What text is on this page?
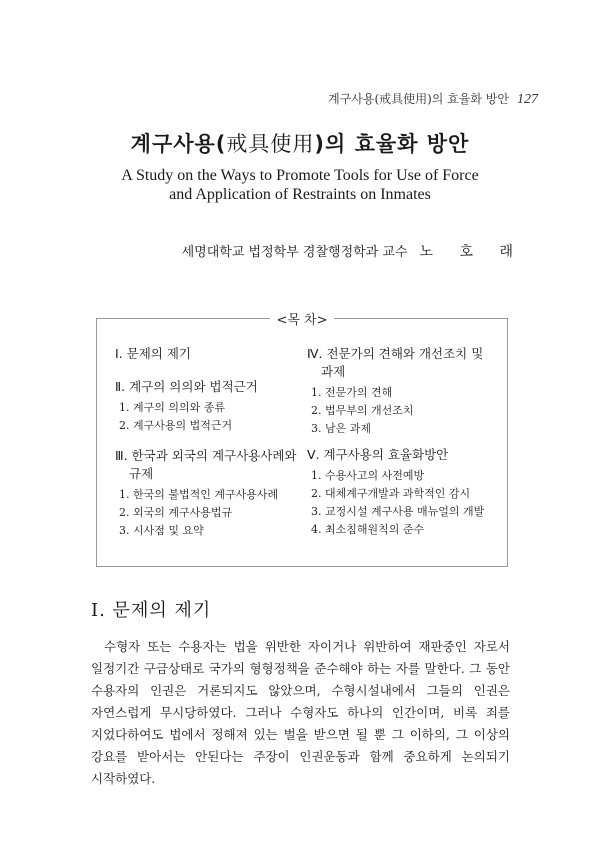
계구사용(戒具使用)의 효율화 방안 127
계구사용(戒具使用)의 효율화 방안
A Study on the Ways to Promote Tools for Use of Force
and Application of Restraints on Inmates
세명대학교 법정학부 경찰행정학과 교수 노 호 래
<목 차>
Ⅰ. 문제의 제기
Ⅱ. 계구의 의의와 법적근거
1. 계구의 의의와 종류
2. 계구사용의 법적근거
Ⅲ. 한국과 외국의 계구사용사례와
규제
1. 한국의 불법적인 계구사용사례
2. 외국의 계구사용법규
3. 시사점 및 요약
Ⅳ. 전문가의 견해와 개선조치 및
과제
1. 전문가의 견해
2. 법무부의 개선조치
3. 남은 과제
Ⅴ. 계구사용의 효율화방안
1. 수용사고의 사전예방
2. 대체계구개발과 과학적인 감시
3. 교정시설 계구사용 매뉴얼의 개발
4. 최소침해원칙의 준수
Ⅰ. 문제의 제기

수형자 또는 수용자는 법을 위반한 자이거나 위반하여 재판중인 자로서 일정기간 구금상태로 국가의 형형정책을 준수해야 하는 자를 말한다. 그 동안 수용자의 인권은 거론되지도 않았으며, 수형시설내에서 그들의 인권은 자연스럽게 무시당하였다. 그러나 수형자도 하나의 인간이며, 비록 죄를 지었다하여도 법에서 정해져 있는 벌을 받으면 될 뿐 그 이하의, 그 이상의 강요를 받아서는 안된다는 주장이 인권운동과 함께 중요하게 논의되기 시작하였다.
